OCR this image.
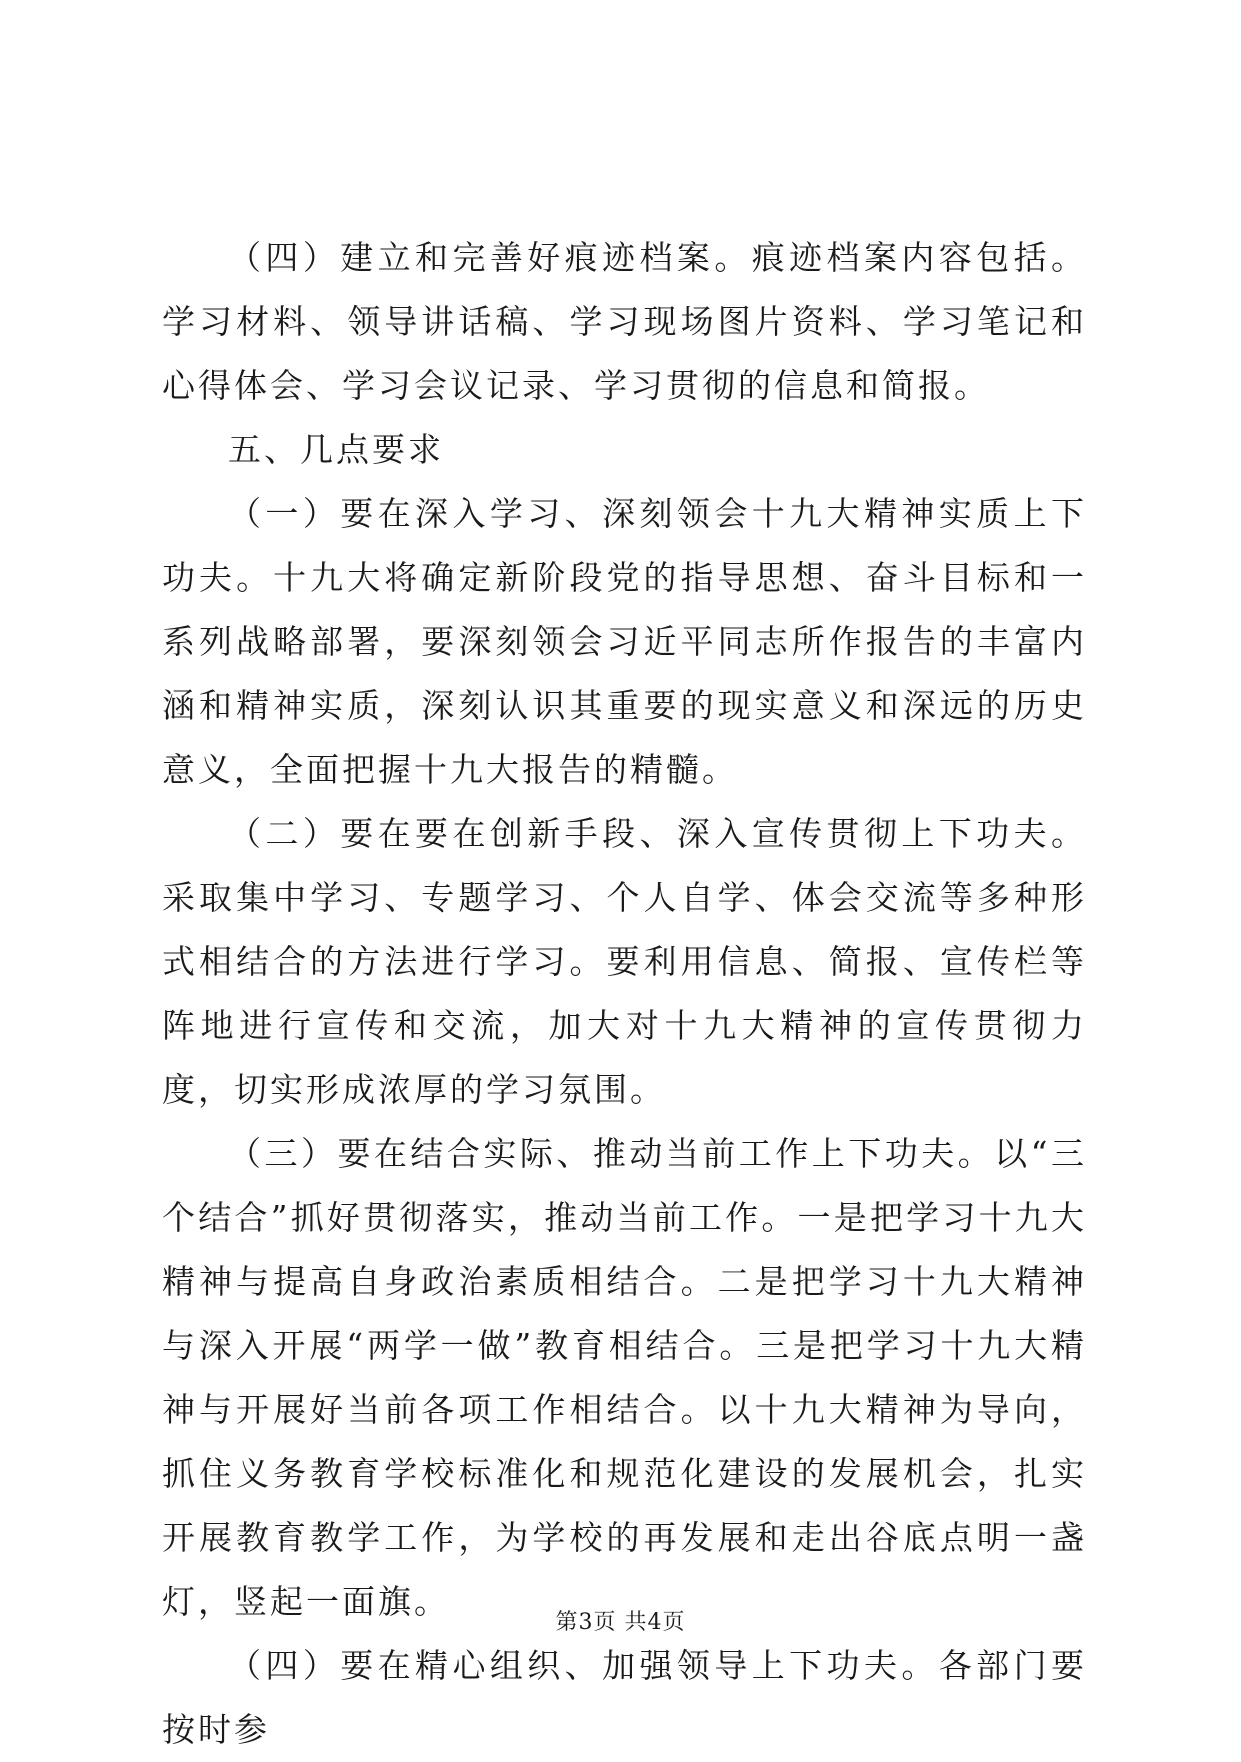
（四）建立和完善好痕迹档案。痕迹档案内容包括。学习材料、领导讲话稿、学习现场图片资料、学习笔记和心得体会、学习会议记录、学习贯彻的信息和简报。

五、几点要求

（一）要在深入学习、深刻领会十九大精神实质上下功夫。十九大将确定新阶段党的指导思想、奋斗目标和一系列战略部署，要深刻领会习近平同志所作报告的丰富内涵和精神实质，深刻认识其重要的现实意义和深远的历史意义，全面把握十九大报告的精髓。

（二）要在要在创新手段、深入宣传贯彻上下功夫。采取集中学习、专题学习、个人自学、体会交流等多种形式相结合的方法进行学习。要利用信息、简报、宣传栏等阵地进行宣传和交流，加大对十九大精神的宣传贯彻力度，切实形成浓厚的学习氛围。

（三）要在结合实际、推动当前工作上下功夫。以“三个结合”抓好贯彻落实，推动当前工作。一是把学习十九大精神与提高自身政治素质相结合。二是把学习十九大精神与深入开展“两学一做”教育相结合。三是把学习十九大精神与开展好当前各项工作相结合。以十九大精神为导向，抓住义务教育学校标准化和规范化建设的发展机会，扎实开展教育教学工作，为学校的再发展和走出谷底点明一盏灯，竖起一面旗。

（四）要在精心组织、加强领导上下功夫。各部门要按时参

第3页 共4页
